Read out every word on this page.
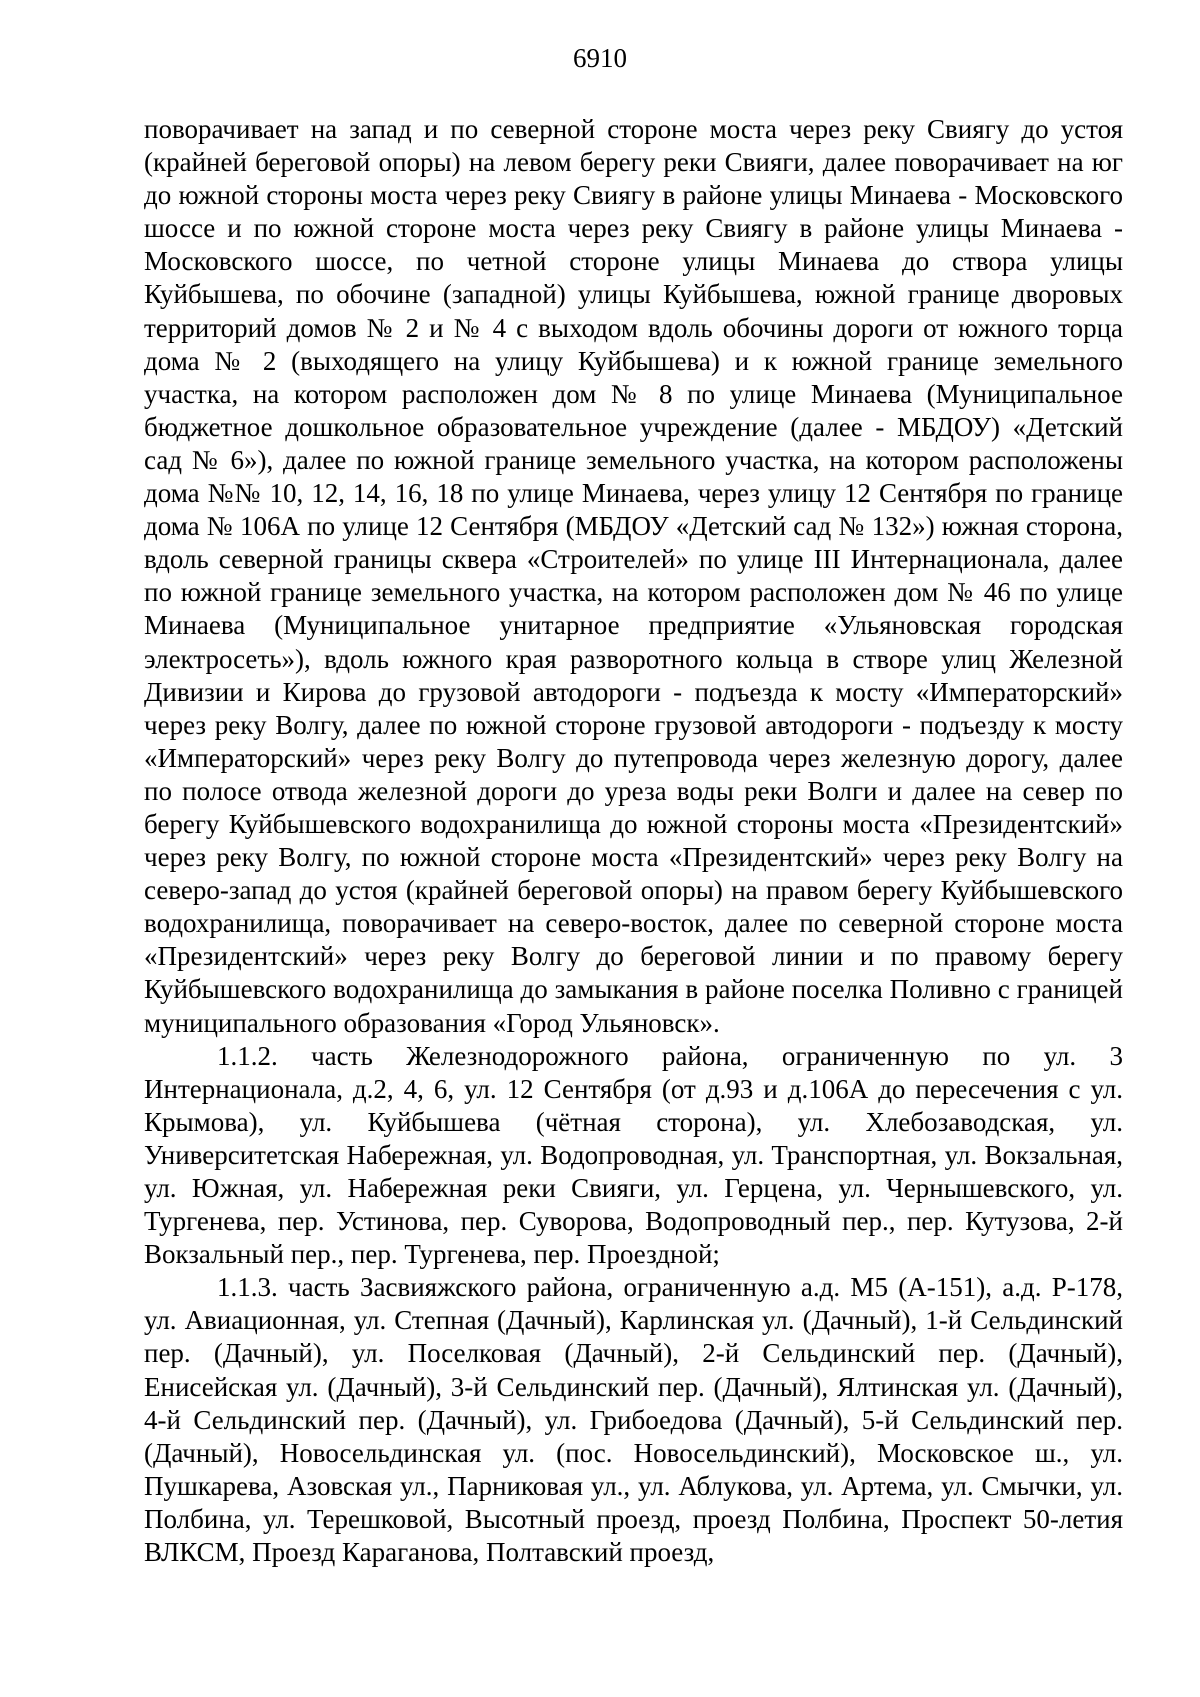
6910

поворачивает на запад и по северной стороне моста через реку Свиягу до устоя (крайней береговой опоры) на левом берегу реки Свияги, далее поворачивает на юг до южной стороны моста через реку Свиягу в районе улицы Минаева - Московского шоссе и по южной стороне моста через реку Свиягу в районе улицы Минаева - Московского шоссе, по четной стороне улицы Минаева до створа улицы Куйбышева, по обочине (западной) улицы Куйбышева, южной границе дворовых территорий домов № 2 и № 4 с выходом вдоль обочины дороги от южного торца дома № 2 (выходящего на улицу Куйбышева) и к южной границе земельного участка, на котором расположен дом № 8 по улице Минаева (Муниципальное бюджетное дошкольное образовательное учреждение (далее - МБДОУ) «Детский сад № 6»), далее по южной границе земельного участка, на котором расположены дома №№ 10, 12, 14, 16, 18 по улице Минаева, через улицу 12 Сентября по границе дома № 106А по улице 12 Сентября (МБДОУ «Детский сад № 132») южная сторона, вдоль северной границы сквера «Строителей» по улице III Интернационала, далее по южной границе земельного участка, на котором расположен дом № 46 по улице Минаева (Муниципальное унитарное предприятие «Ульяновская городская электросеть»), вдоль южного края разворотного кольца в створе улиц Железной Дивизии и Кирова до грузовой автодороги - подъезда к мосту «Императорский» через реку Волгу, далее по южной стороне грузовой автодороги - подъезду к мосту «Императорский» через реку Волгу до путепровода через железную дорогу, далее по полосе отвода железной дороги до уреза воды реки Волги и далее на север по берегу Куйбышевского водохранилища до южной стороны моста «Президентский» через реку Волгу, по южной стороне моста «Президентский» через реку Волгу на северо-запад до устоя (крайней береговой опоры) на правом берегу Куйбышевского водохранилища, поворачивает на северо-восток, далее по северной стороне моста «Президентский» через реку Волгу до береговой линии и по правому берегу Куйбышевского водохранилища до замыкания в районе поселка Поливно с границей муниципального образования «Город Ульяновск».

1.1.2. часть Железнодорожного района, ограниченную по ул. 3 Интернационала, д.2, 4, 6, ул. 12 Сентября (от д.93 и д.106А до пересечения с ул. Крымова), ул. Куйбышева (чётная сторона), ул. Хлебозаводская, ул. Университетская Набережная, ул. Водопроводная, ул. Транспортная, ул. Вокзальная, ул. Южная, ул. Набережная реки Свияги, ул. Герцена, ул. Чернышевского, ул. Тургенева, пер. Устинова, пер. Суворова, Водопроводный пер., пер. Кутузова, 2-й Вокзальный пер., пер. Тургенева, пер. Проездной;

1.1.3. часть Засвияжского района, ограниченную а.д. М5 (А-151), а.д. Р-178, ул. Авиационная, ул. Степная (Дачный), Карлинская ул. (Дачный), 1-й Сельдинский пер. (Дачный), ул. Поселковая (Дачный), 2-й Сельдинский пер. (Дачный), Енисейская ул. (Дачный), 3-й Сельдинский пер. (Дачный), Ялтинская ул. (Дачный), 4-й Сельдинский пер. (Дачный), ул. Грибоедова (Дачный), 5-й Сельдинский пер. (Дачный), Новосельдинская ул. (пос. Новосельдинский), Московское ш., ул. Пушкарева, Азовская ул., Парниковая ул., ул. Аблукова, ул. Артема, ул. Смычки, ул. Полбина, ул. Терешковой, Высотный проезд, проезд Полбина, Проспект 50-летия ВЛКСМ, Проезд Караганова, Полтавский проезд,
